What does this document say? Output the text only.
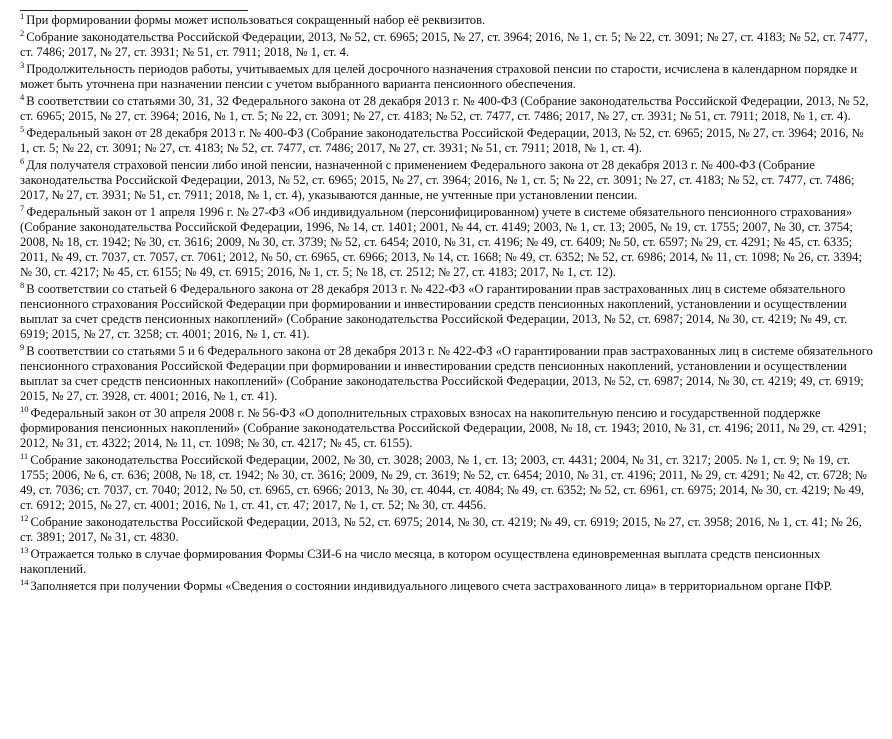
$^1$ При формировании формы может использоваться сокращенный набор её реквизитов.

$^2$ Собрание законодательства Российской Федерации, 2013, № 52, ст. 6965; 2015, № 27, ст. 3964; 2016, № 1, ст. 5; № 22, ст. 3091; № 27, ст. 4183; № 52, ст. 7477, ст. 7486; 2017, № 27, ст. 3931; № 51, ст. 7911; 2018, № 1, ст. 4.

$^3$ Продолжительность периодов работы, учитываемых для целей досрочного назначения страховой пенсии по старости, исчислена в календарном порядке и может быть уточнена при назначении пенсии с учетом выбранного варианта пенсионного обеспечения.

$^4$ В соответствии со статьями 30, 31, 32 Федерального закона от 28 декабря 2013 г. № 400-ФЗ (Собрание законодательства Российской Федерации, 2013, № 52, ст. 6965; 2015, № 27, ст. 3964; 2016, № 1, ст. 5; № 22, ст. 3091; № 27, ст. 4183; № 52, ст. 7477, ст. 7486; 2017, № 27, ст. 3931; № 51, ст. 7911; 2018, № 1, ст. 4).

$^5$ Федеральный закон от 28 декабря 2013 г. № 400-ФЗ (Собрание законодательства Российской Федерации, 2013, № 52, ст. 6965; 2015, № 27, ст. 3964; 2016, № 1, ст. 5; № 22, ст. 3091; № 27, ст. 4183; № 52, ст. 7477, ст. 7486; 2017, № 27, ст. 3931; № 51, ст. 7911; 2018, № 1, ст. 4).

$^6$ Для получателя страховой пенсии либо иной пенсии, назначенной с применением Федерального закона от 28 декабря 2013 г. № 400-ФЗ (Собрание законодательства Российской Федерации, 2013, № 52, ст. 6965; 2015, № 27, ст. 3964; 2016, № 1, ст. 5; № 22, ст. 3091; № 27, ст. 4183; № 52, ст. 7477, ст. 7486; 2017, № 27, ст. 3931; № 51, ст. 7911; 2018, № 1, ст. 4), указываются данные, не учтенные при установлении пенсии.

$^7$ Федеральный закон от 1 апреля 1996 г. № 27-ФЗ «Об индивидуальном (персонифицированном) учете в системе обязательного пенсионного страхования» (Собрание законодательства Российской Федерации, 1996, № 14, ст. 1401; 2001, № 44, ст. 4149; 2003, № 1, ст. 13; 2005, № 19, ст. 1755; 2007, № 30, ст. 3754; 2008, № 18, ст. 1942; № 30, ст. 3616; 2009, № 30, ст. 3739; № 52, ст. 6454; 2010, № 31, ст. 4196; № 49, ст. 6409; № 50, ст. 6597; № 29, ст. 4291; № 45, ст. 6335; 2011, № 49, ст. 7037, ст. 7057, ст. 7061; 2012, № 50, ст. 6965, ст. 6966; 2013, № 14, ст. 1668; № 49, ст. 6352; № 52, ст. 6986; 2014, № 11, ст. 1098; № 26, ст. 3394; № 30, ст. 4217; № 45, ст. 6155; № 49, ст. 6915; 2016, № 1, ст. 5; № 18, ст. 2512; № 27, ст. 4183; 2017, № 1, ст. 12).

$^8$ В соответствии со статьей 6 Федерального закона от 28 декабря 2013 г. № 422-ФЗ «О гарантировании прав застрахованных лиц в системе обязательного пенсионного страхования Российской Федерации при формировании и инвестировании средств пенсионных накоплений, установлении и осуществлении выплат за счет средств пенсионных накоплений» (Собрание законодательства Российской Федерации, 2013, № 52, ст. 6987; 2014, № 30, ст. 4219; № 49, ст. 6919; 2015, № 27, ст. 3258; ст. 4001; 2016, № 1, ст. 41).

$^9$ В соответствии со статьями 5 и 6 Федерального закона от 28 декабря 2013 г. № 422-ФЗ «О гарантировании прав застрахованных лиц в системе обязательного пенсионного страхования Российской Федерации при формировании и инвестировании средств пенсионных накоплений, установлении и осуществлении выплат за счет средств пенсионных накоплений» (Собрание законодательства Российской Федерации, 2013, № 52, ст. 6987; 2014, № 30, ст. 4219; 49, ст. 6919; 2015, № 27, ст. 3928, ст. 4001; 2016, № 1, ст. 41).

$^{10}$ Федеральный закон от 30 апреля 2008 г. № 56-ФЗ «О дополнительных страховых взносах на накопительную пенсию и государственной поддержке формирования пенсионных накоплений» (Собрание законодательства Российской Федерации, 2008, № 18, ст. 1943; 2010, № 31, ст. 4196; 2011, № 29, ст. 4291; 2012, № 31, ст. 4322; 2014, № 11, ст. 1098; № 30, ст. 4217; № 45, ст. 6155).

$^{11}$ Собрание законодательства Российской Федерации, 2002, № 30, ст. 3028; 2003, № 1, ст. 13; 2003, ст. 4431; 2004, № 31, ст. 3217; 2005. № 1, ст. 9; № 19, ст. 1755; 2006, № 6, ст. 636; 2008, № 18, ст. 1942; № 30, ст. 3616; 2009, № 29, ст. 3619; № 52, ст. 6454; 2010, № 31, ст. 4196; 2011, № 29, ст. 4291; № 42, ст. 6728; № 49, ст. 7036; ст. 7037, ст. 7040; 2012, № 50, ст. 6965, ст. 6966; 2013, № 30, ст. 4044, ст. 4084; № 49, ст. 6352; № 52, ст. 6961, ст. 6975; 2014, № 30, ст. 4219; № 49, ст. 6912; 2015, № 27, ст. 4001; 2016, № 1, ст. 41, ст. 47; 2017, № 1, ст. 52; № 30, ст. 4456.

$^{12}$ Собрание законодательства Российской Федерации, 2013, № 52, ст. 6975; 2014, № 30, ст. 4219; № 49, ст. 6919; 2015, № 27, ст. 3958; 2016, № 1, ст. 41; № 26, ст. 3891; 2017, № 31, ст. 4830.

$^{13}$ Отражается только в случае формирования Формы СЗИ-6 на число месяца, в котором осуществлена единовременная выплата средств пенсионных накоплений.

$^{14}$ Заполняется при получении Формы «Сведения о состоянии индивидуального лицевого счета застрахованного лица» в территориальном органе ПФР.
